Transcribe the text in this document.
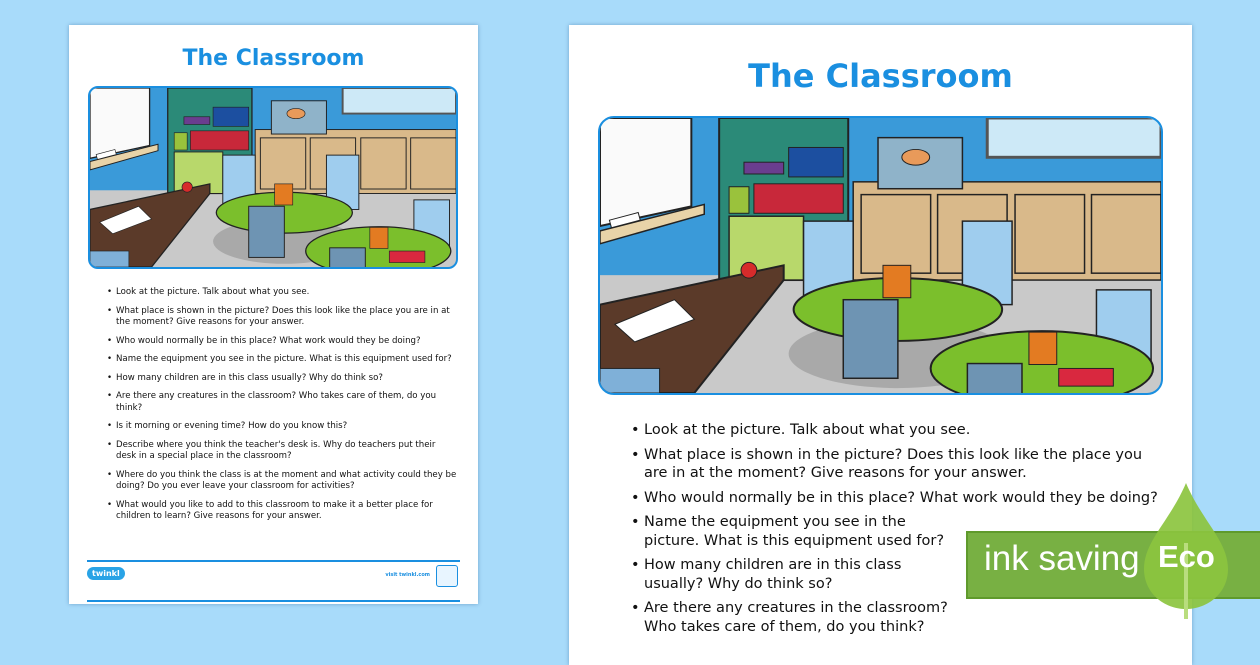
The Classroom
• Look at the picture. Talk about what you see.
• What place is shown in the picture? Does this look like the place you are in at the moment? Give reasons for your answer.
• Who would normally be in this place? What work would they be doing?
• Name the equipment you see in the picture. What is this equipment used for?
• How many children are in this class usually? Why do think so?
• Are there any creatures in the classroom? Who takes care of them, do you think?
• Is it morning or evening time? How do you know this?
• Describe where you think the teacher's desk is. Why do teachers put their desk in a special place in the classroom?
• Where do you think the class is at the moment and what activity could they be doing? Do you ever leave your classroom for activities?
• What would you like to add to this classroom to make it a better place for children to learn? Give reasons for your answer.
twinkl	visit twinkl.com
The Classroom
• Look at the picture. Talk about what you see.
• What place is shown in the picture? Does this look like the place you are in at the moment? Give reasons for your answer.
• Who would normally be in this place? What work would they be doing?
• Name the equipment you see in the picture. What is this equipment used for?
• How many children are in this class usually? Why do think so?
• Are there any creatures in the classroom? Who takes care of them, do you think?
ink saving Eco
